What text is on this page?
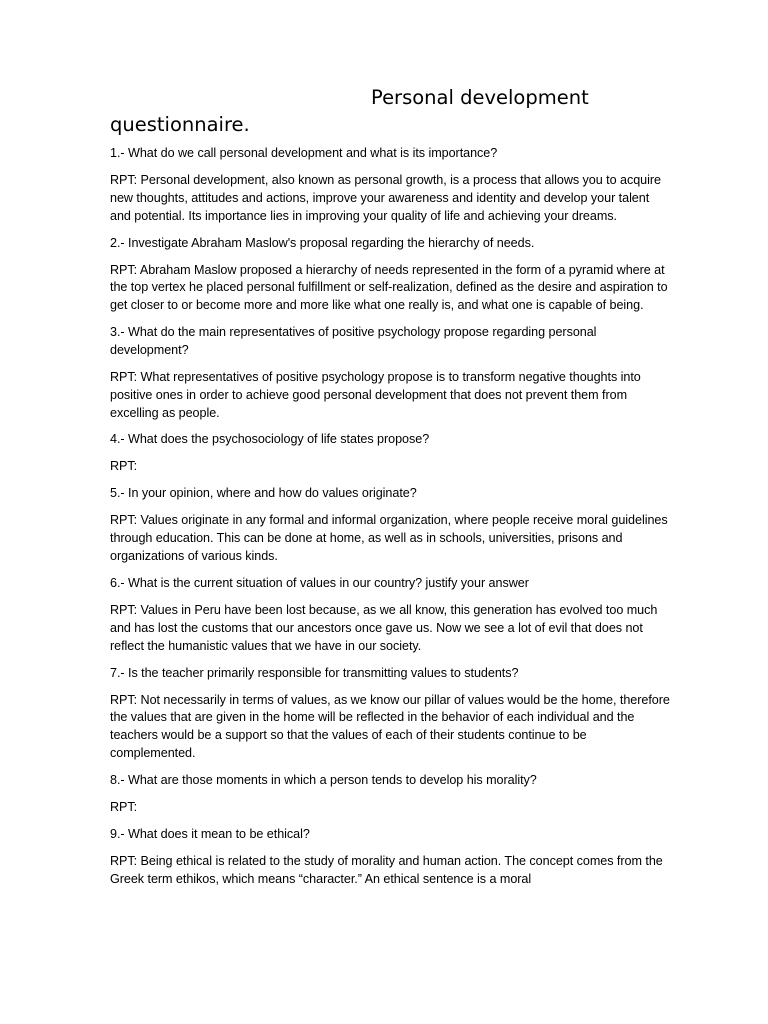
Personal development
questionnaire.

1.- What do we call personal development and what is its importance?

RPT: Personal development, also known as personal growth, is a process that allows you to acquire new thoughts, attitudes and actions, improve your awareness and identity and develop your talent and potential. Its importance lies in improving your quality of life and achieving your dreams.

2.- Investigate Abraham Maslow's proposal regarding the hierarchy of needs.

RPT: Abraham Maslow proposed a hierarchy of needs represented in the form of a pyramid where at the top vertex he placed personal fulfillment or self-realization, defined as the desire and aspiration to get closer to or become more and more like what one really is, and what one is capable of being.

3.- What do the main representatives of positive psychology propose regarding personal development?

RPT: What representatives of positive psychology propose is to transform negative thoughts into positive ones in order to achieve good personal development that does not prevent them from excelling as people.

4.- What does the psychosociology of life states propose?

RPT:

5.- In your opinion, where and how do values originate?

RPT: Values originate in any formal and informal organization, where people receive moral guidelines through education. This can be done at home, as well as in schools, universities, prisons and organizations of various kinds.

6.- What is the current situation of values in our country? justify your answer

RPT: Values in Peru have been lost because, as we all know, this generation has evolved too much and has lost the customs that our ancestors once gave us. Now we see a lot of evil that does not reflect the humanistic values that we have in our society.

7.- Is the teacher primarily responsible for transmitting values to students?

RPT: Not necessarily in terms of values, as we know our pillar of values would be the home, therefore the values that are given in the home will be reflected in the behavior of each individual and the teachers would be a support so that the values of each of their students continue to be complemented.

8.- What are those moments in which a person tends to develop his morality?

RPT:

9.- What does it mean to be ethical?

RPT: Being ethical is related to the study of morality and human action. The concept comes from the Greek term ethikos, which means “character.” An ethical sentence is a moral
